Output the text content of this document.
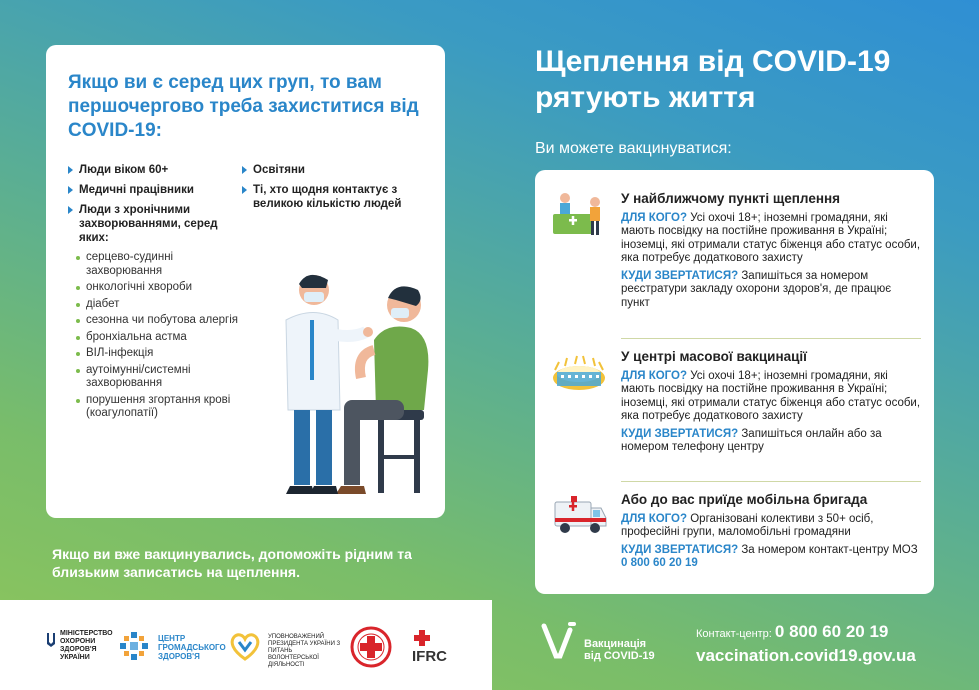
Якщо ви є серед цих груп, то вам першочергово треба захиститися від COVID-19:
Люди віком 60+
Медичні працівники
Люди з хронічними захворюваннями, серед яких:
серцево-судинні захворювання
онкологічні хвороби
діабет
сезонна чи побутова алергія
бронхіальна астма
ВІЛ-інфекція
аутоімунні/системні захворювання
порушення згортання крові (коагулопатії)
Освітяни
Ті, хто щодня контактує з великою кількістю людей
Якщо ви вже вакцинувались, допоможіть рідним та близьким записатись на щеплення.
МІНІСТЕРСТВО ОХОРОНИ ЗДОРОВ'Я УКРАЇНИ
ЦЕНТР ГРОМАДСЬКОГО ЗДОРОВ'Я
УПОВНОВАЖЕНИЙ ПРЕЗИДЕНТА УКРАЇНИ З ПИТАНЬ ВОЛОНТЕРСЬКОЇ ДІЯЛЬНОСТІ	IFRC
Щеплення від COVID-19 рятують життя
Ви можете вакцинуватися:
У найближчому пункті щеплення

ДЛЯ КОГО? Усі охочі 18+; іноземні громадяни, які мають посвідку на постійне проживання в Україні; іноземці, які отримали статус біженця або статус особи, яка потребує додаткового захисту

КУДИ ЗВЕРТАТИСЯ? Запишіться за номером реєстратури закладу охорони здоров'я, де працює пункт

У центрі масової вакцинації

ДЛЯ КОГО? Усі охочі 18+; іноземні громадяни, які мають посвідку на постійне проживання в Україні; іноземці, які отримали статус біженця або статус особи, яка потребує додаткового захисту

КУДИ ЗВЕРТАТИСЯ? Запишіться онлайн або за номером телефону центру

Або до вас приїде мобільна бригада

ДЛЯ КОГО? Організовані колективи з 50+ осіб, професійні групи, маломобільні громадяни

КУДИ ЗВЕРТАТИСЯ? За номером контакт-центру МОЗ 0 800 60 20 19

Вакцинація
від COVID-19
Контакт-центр: 0 800 60 20 19
vaccination.covid19.gov.ua
